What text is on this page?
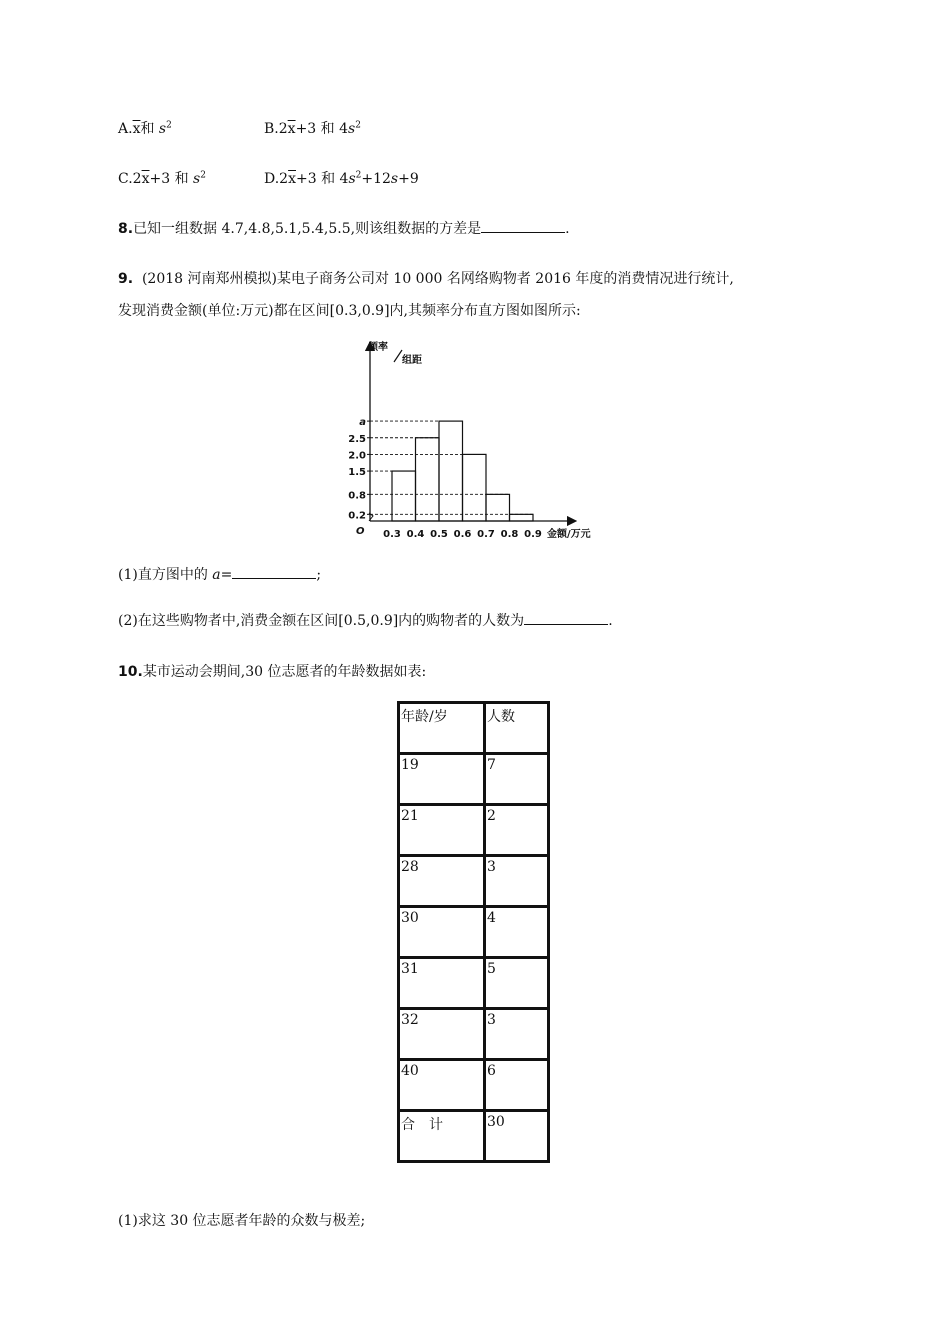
$A.\overline{x}$和 $s^2$	$B.2\overline{x}+3$ 和 $4s^2$
$C.2\overline{x}+3$ 和 $s^2$	$D.2\overline{x}+3$ 和 $4s^2+12s+9$
8.已知一组数据 4.7,4.8,5.1,5.4,5.5,则该组数据的方差是	.
9. (2018 河南郑州模拟)某电子商务公司对 10 000 名网络购物者 2016 年度的消费情况进行统计,
发现消费金额(单位:万元)都在区间[0.3,0.9]内,其频率分布直方图如图所示:
频率
组距
O	金额/万元
a
2.5
2.0
1.5
0.8
0.2
0.3 0.4 0.5 0.6 0.7 0.8 0.9
(1)直方图中的 a=	;
(2)在这些购物者中,消费金额在区间[0.5,0.9]内的购物者的人数为	.
10.某市运动会期间,30 位志愿者的年龄数据如表:
年龄/岁	人数
19	7
21	2
28	3
30	4
31	5
32	3
40	6
合　计	30
(1)求这 30 位志愿者年龄的众数与极差;
